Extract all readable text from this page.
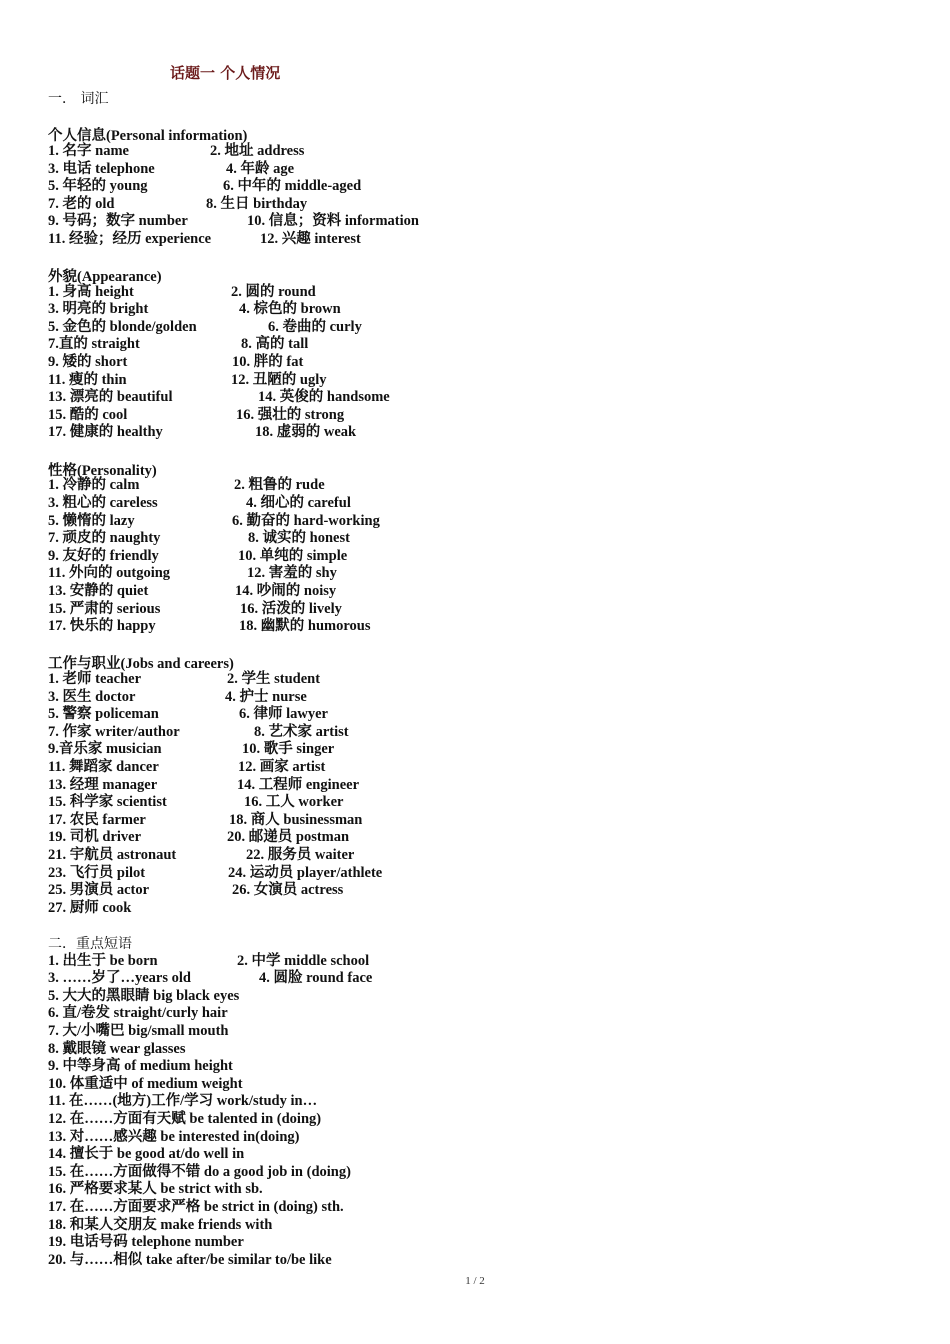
话题一 个人情况
一． 词汇
个人信息(Personal information)
1. 名字 name	2. 地址 address
3. 电话 telephone	4. 年龄 age
5. 年轻的 young	6. 中年的 middle-aged
7. 老的 old	8. 生日 birthday
9. 号码；数字 number	10. 信息；资料 information
11. 经验；经历 experience	12. 兴趣 interest
外貌(Appearance)
1. 身高 height	2. 圆的 round
3. 明亮的 bright	4. 棕色的 brown
5. 金色的 blonde/golden	6. 卷曲的 curly
7.直的 straight	8. 高的 tall
9. 矮的 short	10. 胖的 fat
11. 瘦的 thin	12. 丑陋的 ugly
13. 漂亮的 beautiful	14. 英俊的 handsome
15. 酷的 cool	16. 强壮的 strong
17. 健康的 healthy	18. 虚弱的 weak
性格(Personality)
1. 冷静的 calm	2. 粗鲁的 rude
3. 粗心的 careless	4. 细心的 careful
5. 懒惰的 lazy	6. 勤奋的 hard-working
7. 顽皮的 naughty	8. 诚实的 honest
9. 友好的 friendly	10. 单纯的 simple
11. 外向的 outgoing	12. 害羞的 shy
13. 安静的 quiet	14. 吵闹的 noisy
15. 严肃的 serious	16. 活泼的 lively
17. 快乐的 happy	18. 幽默的 humorous
工作与职业(Jobs and careers)
1. 老师 teacher	2. 学生 student
3. 医生 doctor	4. 护士 nurse
5. 警察 policeman	6. 律师 lawyer
7. 作家 writer/author	8. 艺术家 artist
9.音乐家 musician	10. 歌手 singer
11. 舞蹈家 dancer	12. 画家 artist
13. 经理 manager	14. 工程师 engineer
15. 科学家 scientist	16. 工人 worker
17. 农民 farmer	18. 商人 businessman
19. 司机 driver	20. 邮递员 postman
21. 宇航员 astronaut	22. 服务员 waiter
23. 飞行员 pilot	24. 运动员 player/athlete
25. 男演员 actor	26. 女演员 actress
27. 厨师 cook
二．重点短语
1. 出生于 be born	2. 中学 middle school
3. ……岁了…years old	4. 圆脸 round face
5. 大大的黑眼睛 big black eyes
6. 直/卷发 straight/curly hair
7. 大/小嘴巴 big/small mouth
8. 戴眼镜 wear glasses
9. 中等身高 of medium height
10. 体重适中 of medium weight
11. 在……(地方)工作/学习 work/study in…
12. 在……方面有天赋 be talented in (doing)
13. 对……感兴趣 be interested in(doing)
14. 擅长于 be good at/do well in
15. 在……方面做得不错 do a good job in (doing)
16. 严格要求某人 be strict with sb.
17. 在……方面要求严格 be strict in (doing) sth.
18. 和某人交朋友 make friends with
19. 电话号码 telephone number
20. 与……相似 take after/be similar to/be like
1 / 2
